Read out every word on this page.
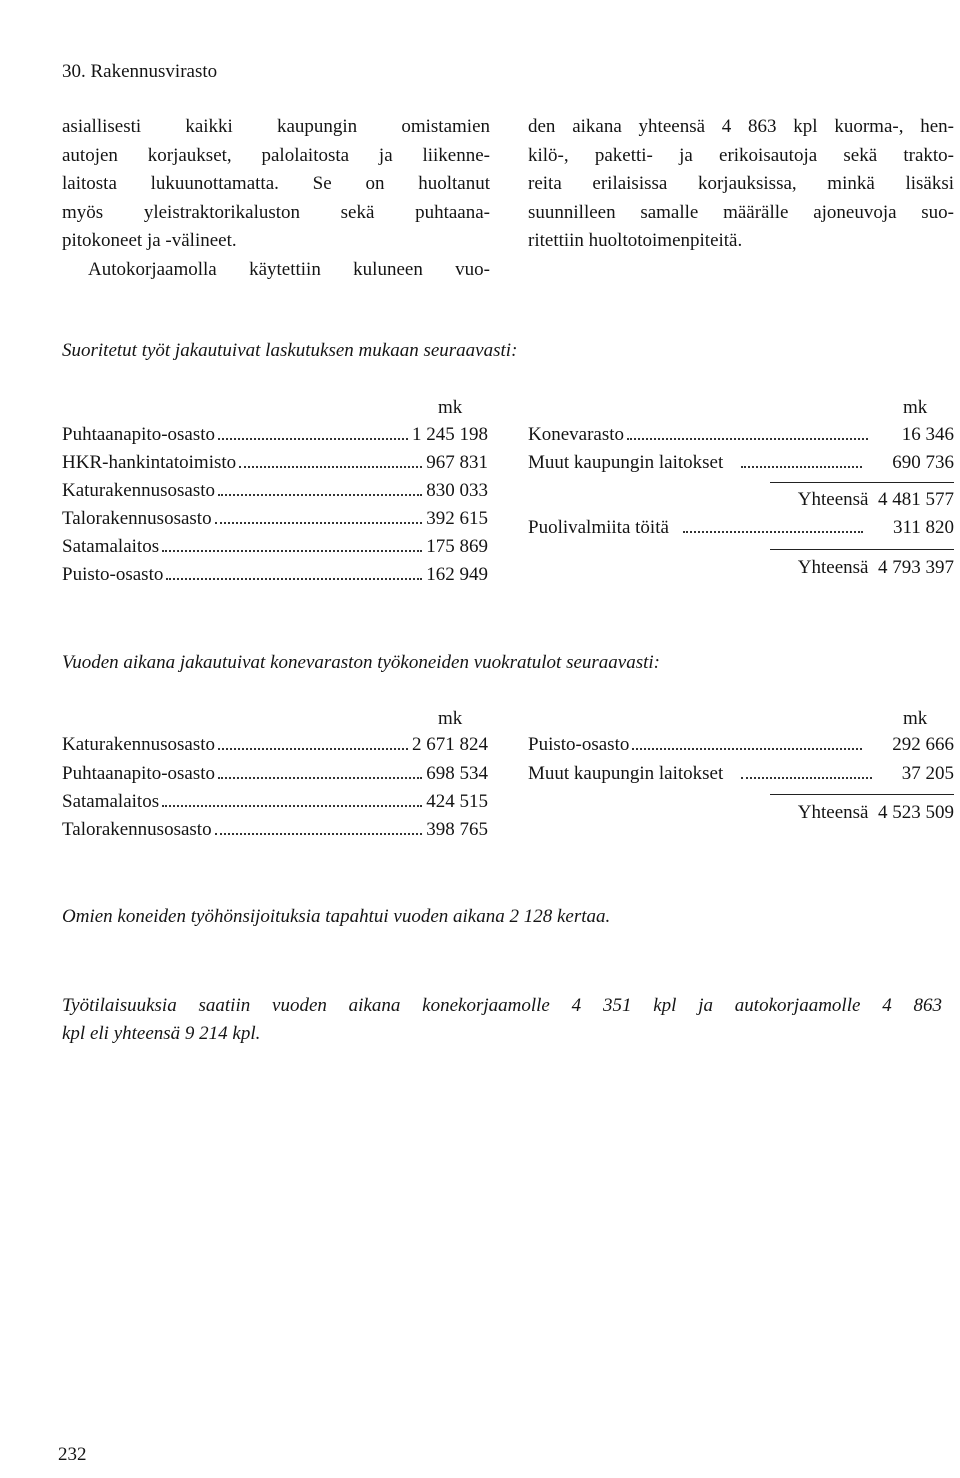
30. Rakennusvirasto
asiallisesti kaikki kaupungin omistamien
autojen korjaukset, palolaitosta ja liikenne-
laitosta lukuunottamatta. Se on huoltanut
myös yleistraktorikaluston sekä puhtaana-
pitokoneet ja -välineet.
Autokorjaamolla käytettiin kuluneen vuo-
den aikana yhteensä 4 863 kpl kuorma-, hen-
kilö-, paketti- ja erikoisautoja sekä trakto-
reita erilaisissa korjauksissa, minkä lisäksi
suunnilleen samalle määrälle ajoneuvoja suo-
ritettiin huoltotoimenpiteitä.
Suoritetut työt jakautuivat laskutuksen mukaan seuraavasti:
mk	mk
Puhtaanapito-osasto	1 245 198
HKR-hankintatoimisto	967 831
Katurakennusosasto	830 033
Talorakennusosasto	392 615
Satamalaitos	175 869
Puisto-osasto	162 949
Konevarasto	16 346
Muut kaupungin laitokset	690 736
Yhteensä 4 481 577
Puolivalmiita töitä	311 820
Yhteensä 4 793 397
Vuoden aikana jakautuivat konevaraston työkoneiden vuokratulot seuraavasti:
mk	mk
Katurakennusosasto	2 671 824
Puhtaanapito-osasto	698 534
Satamalaitos	424 515
Talorakennusosasto	398 765
Puisto-osasto	292 666
Muut kaupungin laitokset	37 205
Yhteensä 4 523 509
Omien koneiden työhönsijoituksia tapahtui vuoden aikana 2 128 kertaa.
Työtilaisuuksia saatiin vuoden aikana konekorjaamolle 4 351 kpl ja autokorjaamolle 4 863
kpl eli yhteensä 9 214 kpl.
232
